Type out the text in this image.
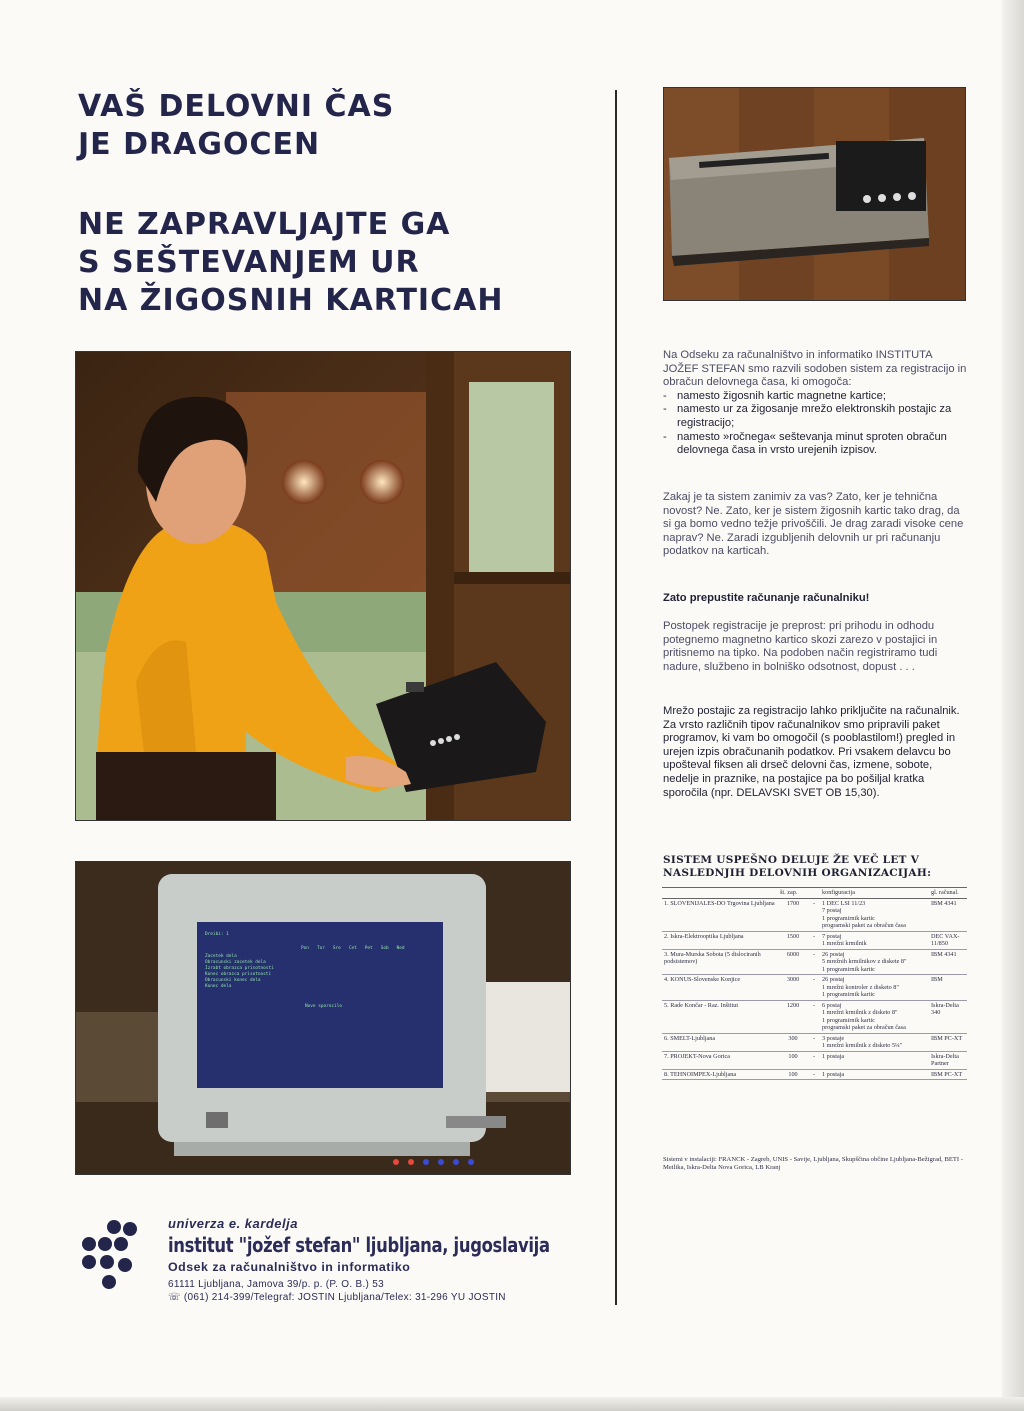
VAŠ DELOVNI ČAS
JE DRAGOCEN
NE ZAPRAVLJAJTE GA
S SEŠTEVANJEM UR
NA ŽIGOSNIH KARTICAH
Dreibi: 1
Pon Tor Sre Cet Pet Sob Ned
Zacetek dela
Obracunski zacetek dela
Izrabt obrazca prisotnosti
Konec obrazca prisotnosti
Obracunski konec dela
Konec dela
Nove sporocilo

Na Odseku za računalništvo in informatiko INSTITUTA JOŽEF STEFAN smo razvili sodoben sistem za registracijo in obračun delovnega časa, ki omogoča:

- namesto žigosnih kartic magnetne kartice;
- namesto ur za žigosanje mrežo elektronskih postajic za registracijo;
- namesto »ročnega« seštevanja minut sproten obračun delovnega časa in vrsto urejenih izpisov.

Zakaj je ta sistem zanimiv za vas? Zato, ker je tehnična novost? Ne. Zato, ker je sistem žigosnih kartic tako drag, da si ga bomo vedno težje privoščili. Je drag zaradi visoke cene naprav? Ne. Zaradi izgubljenih delovnih ur pri računanju podatkov na karticah.

Zato prepustite računanje računalniku!

Postopek registracije je preprost: pri prihodu in odhodu potegnemo magnetno kartico skozi zarezo v postajici in pritisnemo na tipko. Na podoben način registriramo tudi nadure, službeno in bolniško odsotnost, dopust . . .

Mrežo postajic za registracijo lahko priključite na računalnik. Za vrsto različnih tipov računalnikov smo pripravili paket programov, ki vam bo omogočil (s pooblastilom!) pregled in urejen izpis obračunanih podatkov. Pri vsakem delavcu bo upošteval fiksen ali drseč delovni čas, izmene, sobote, nedelje in praznike, na postajice pa bo pošiljal kratka sporočila (npr. DELAVSKI SVET OB 15,30).

SISTEM USPEŠNO DELUJE ŽE VEČ LET V
NASLEDNJIH DELOVNIH ORGANIZACIJAH:
	št. zap.		konfiguracija	gl. računal.
1. SLOVENIJALES-DO Trgovina Ljubljana	1700	-	1 DEC LSI 11/23
7 postaj
1 programirnik kartic
programski paket za obračun časa	IBM 4341
2. Iskra-Elektrooptika Ljubljana	1500	-	7 postaj
1 mrežni krmilnik	DEC VAX-11/850
3. Mura-Murska Sobota (5 dislociranih podsistemov)	6000	-	26 postaj
5 mrežnih krmilnikov z diskete 8"
1 programirnik kartic	IBM 4341
4. KONUS-Slovenske Konjice	3000	-	26 postaj
1 mrežni kontroler z disketo 8"
1 programirnik kartic	IBM
5. Rade Končar - Raz. Inštitut	1200	-	6 postaj
1 mrežni krmilnik z disketo 8"
1 programirnik kartic
programski paket za obračun časa	Iskra-Delta 340
6. SMELT-Ljubljana	300	-	3 postaje
1 mrežni krmilnik z disketo 5¼"	IBM PC-XT
7. PROJEKT-Nova Gorica	100	-	1 postaja	Iskra-Delta Partner
8. TEHNOIMPEX-Ljubljana	100	-	1 postaja	IBM PC-XT

Sistemi v instalaciji: FRANCK - Zagreb, UNIS - Savije, Ljubljana, Skupščina občine Ljubljana-Bežigrad, BETI - Metlika, Iskra-Delta Nova Gorica, LB Kranj

univerza e. kardelja

institut "jožef stefan" ljubljana, jugoslavija

Odsek za računalništvo in informatiko

61111 Ljubljana, Jamova 39/p. p. (P. O. B.) 53

☏ (061) 214-399/Telegraf: JOSTIN Ljubljana/Telex: 31-296 YU JOSTIN
